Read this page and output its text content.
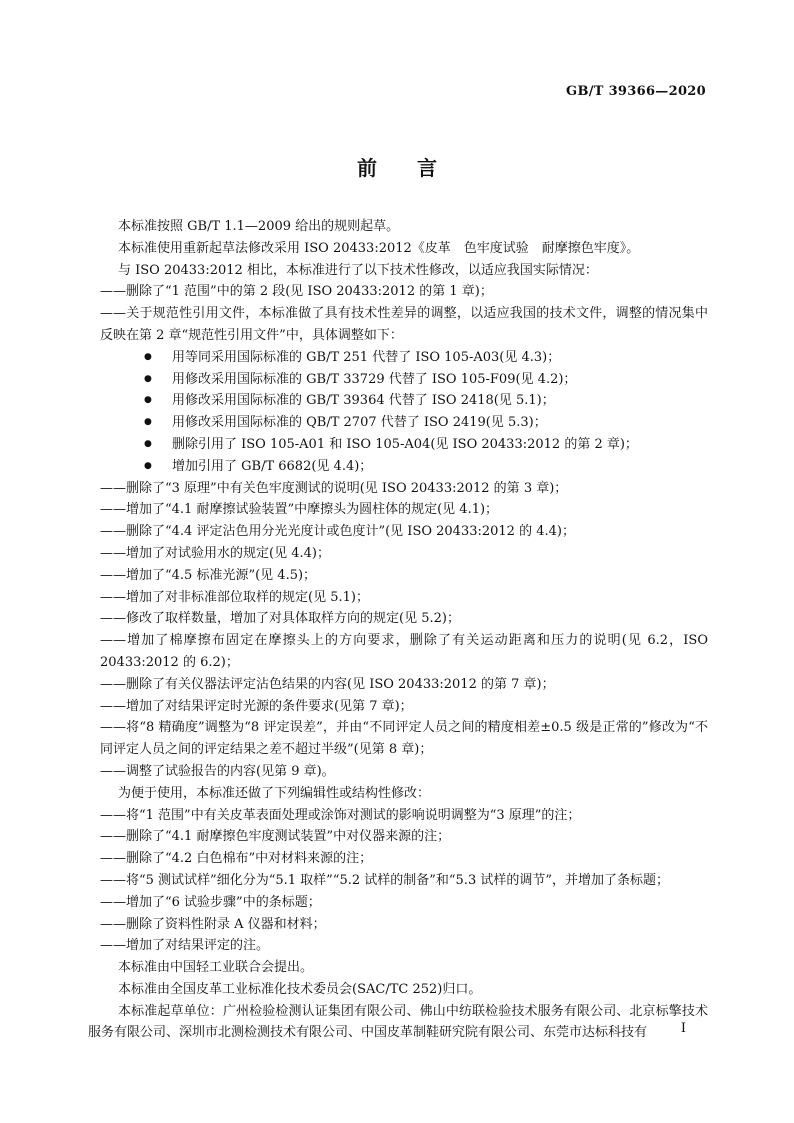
GB/T 39366—2020
前言

本标准按照 GB/T 1.1—2009 给出的规则起草。

本标准使用重新起草法修改采用 ISO 20433:2012《皮革　色牢度试验　耐摩擦色牢度》。

与 ISO 20433:2012 相比，本标准进行了以下技术性修改，以适应我国实际情况：

——删除了“1 范围”中的第 2 段(见 ISO 20433:2012 的第 1 章)；

——关于规范性引用文件，本标准做了具有技术性差异的调整，以适应我国的技术文件，调整的情况集中反映在第 2 章“规范性引用文件”中，具体调整如下：

● 用等同采用国际标准的 GB/T 251 代替了 ISO 105-A03(见 4.3)；

● 用修改采用国际标准的 GB/T 33729 代替了 ISO 105-F09(见 4.2)；

● 用修改采用国际标准的 GB/T 39364 代替了 ISO 2418(见 5.1)；

● 用修改采用国际标准的 QB/T 2707 代替了 ISO 2419(见 5.3)；

● 删除引用了 ISO 105-A01 和 ISO 105-A04(见 ISO 20433:2012 的第 2 章)；

● 增加引用了 GB/T 6682(见 4.4)；

——删除了“3 原理”中有关色牢度测试的说明(见 ISO 20433:2012 的第 3 章)；

——增加了“4.1 耐摩擦试验装置”中摩擦头为圆柱体的规定(见 4.1)；

——删除了“4.4 评定沾色用分光光度计或色度计”(见 ISO 20433:2012 的 4.4)；

——增加了对试验用水的规定(见 4.4)；

——增加了“4.5 标准光源”(见 4.5)；

——增加了对非标准部位取样的规定(见 5.1)；

——修改了取样数量，增加了对具体取样方向的规定(见 5.2)；

——增加了棉摩擦布固定在摩擦头上的方向要求，删除了有关运动距离和压力的说明(见 6.2，ISO 20433:2012 的 6.2)；

——删除了有关仪器法评定沾色结果的内容(见 ISO 20433:2012 的第 7 章)；

——增加了对结果评定时光源的条件要求(见第 7 章)；

——将“8 精确度”调整为“8 评定误差”，并由“不同评定人员之间的精度相差±0.5 级是正常的”修改为“不同评定人员之间的评定结果之差不超过半级”(见第 8 章)；

——调整了试验报告的内容(见第 9 章)。

为便于使用，本标准还做了下列编辑性或结构性修改：

——将“1 范围”中有关皮革表面处理或涂饰对测试的影响说明调整为“3 原理”的注；

——删除了“4.1 耐摩擦色牢度测试装置”中对仪器来源的注；

——删除了“4.2 白色棉布”中对材料来源的注；

——将“5 测试试样”细化分为“5.1 取样”“5.2 试样的制备”和“5.3 试样的调节”，并增加了条标题；

——增加了“6 试验步骤”中的条标题；

——删除了资料性附录 A 仪器和材料；

——增加了对结果评定的注。

本标准由中国轻工业联合会提出。

本标准由全国皮革工业标准化技术委员会(SAC/TC 252)归口。

本标准起草单位：广州检验检测认证集团有限公司、佛山中纺联检验技术服务有限公司、北京标擎技术服务有限公司、深圳市北测检测技术有限公司、中国皮革制鞋研究院有限公司、东莞市达标科技有	I
